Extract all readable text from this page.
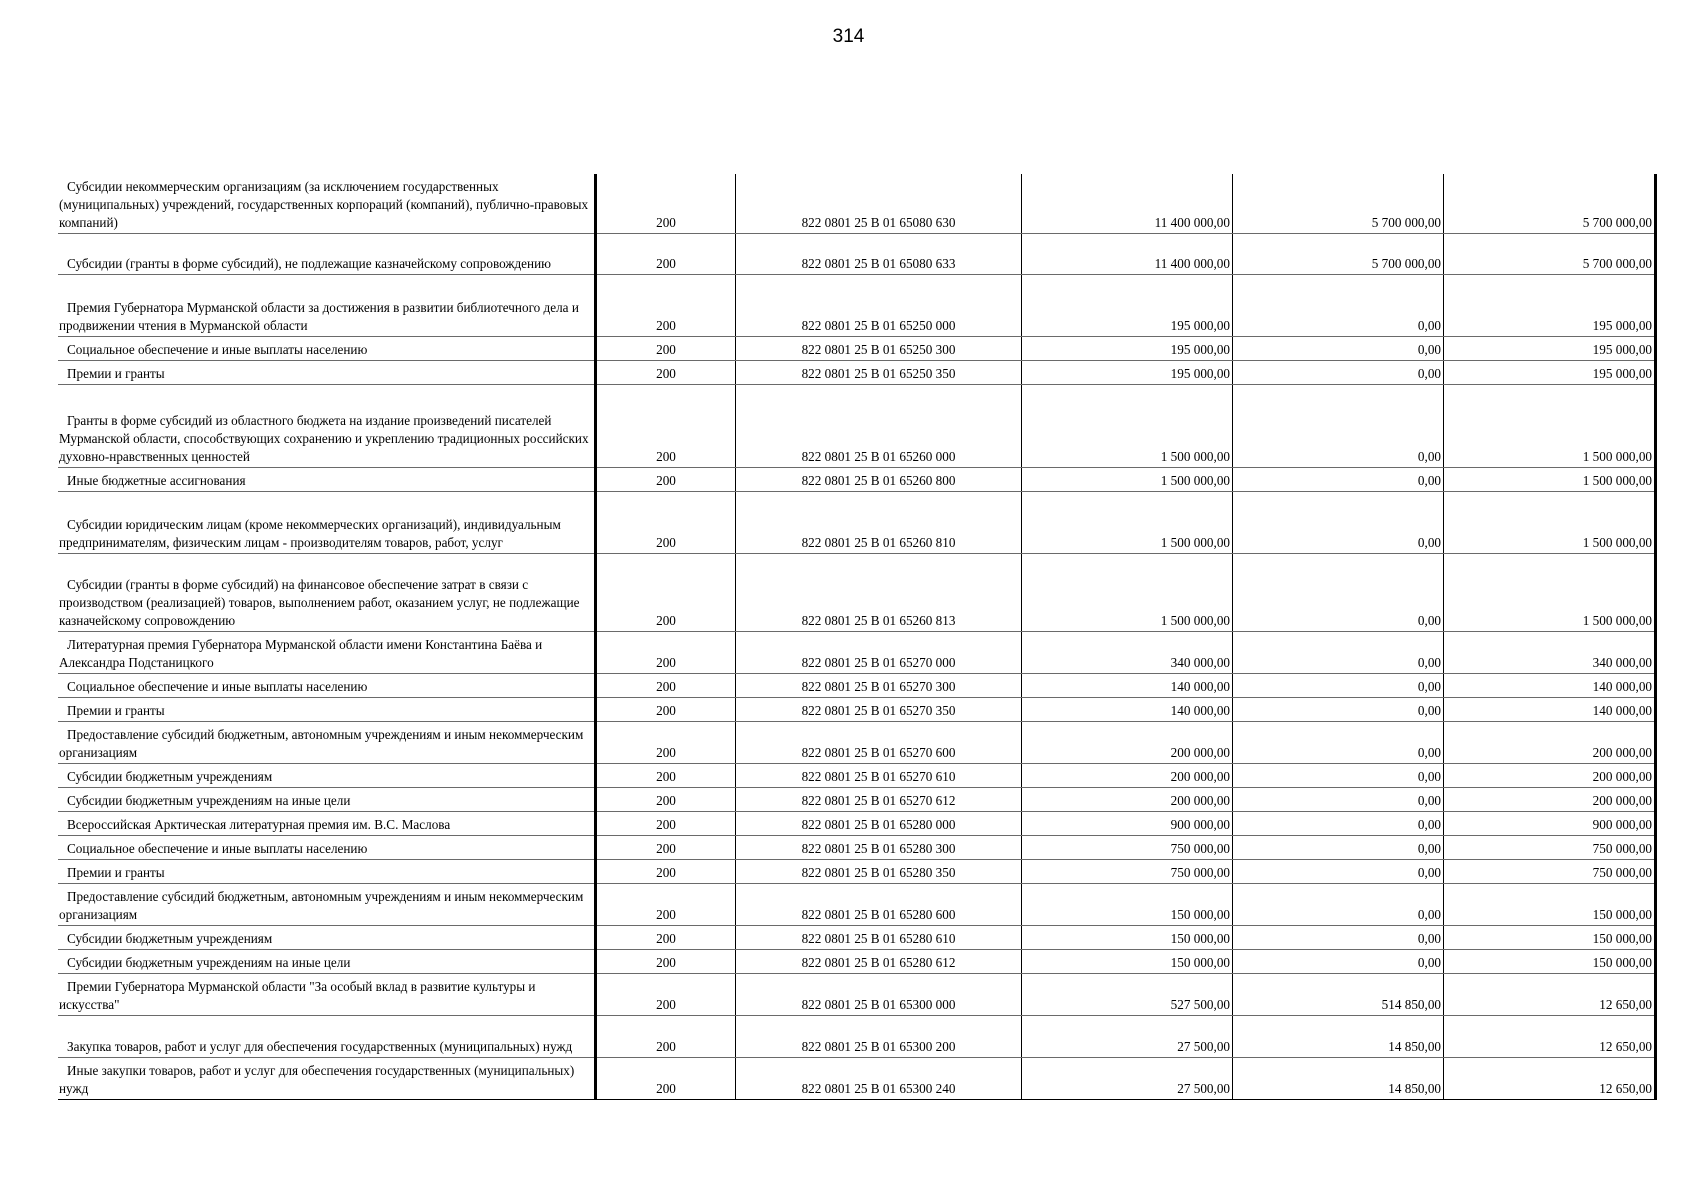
314
Субсидии некоммерческим организациям (за исключением государственных (муниципальных) учреждений, государственных корпораций (компаний), публично-правовых компаний)	200	822 0801 25 В 01 65080 630	11 400 000,00	5 700 000,00	5 700 000,00

Субсидии (гранты в форме субсидий), не подлежащие казначейскому сопровождению	200	822 0801 25 В 01 65080 633	11 400 000,00	5 700 000,00	5 700 000,00

Премия Губернатора Мурманской области за достижения в развитии библиотечного дела и продвижении чтения в Мурманской области	200	822 0801 25 В 01 65250 000	195 000,00	0,00	195 000,00

Социальное обеспечение и иные выплаты населению	200	822 0801 25 В 01 65250 300	195 000,00	0,00	195 000,00

Премии и гранты	200	822 0801 25 В 01 65250 350	195 000,00	0,00	195 000,00

Гранты в форме субсидий из областного бюджета на издание произведений писателей Мурманской области, способствующих сохранению и укреплению традиционных российских духовно-нравственных ценностей	200	822 0801 25 В 01 65260 000	1 500 000,00	0,00	1 500 000,00

Иные бюджетные ассигнования	200	822 0801 25 В 01 65260 800	1 500 000,00	0,00	1 500 000,00

Субсидии юридическим лицам (кроме некоммерческих организаций), индивидуальным предпринимателям, физическим лицам - производителям товаров, работ, услуг	200	822 0801 25 В 01 65260 810	1 500 000,00	0,00	1 500 000,00

Субсидии (гранты в форме субсидий) на финансовое обеспечение затрат в связи с производством (реализацией) товаров, выполнением работ, оказанием услуг, не подлежащие казначейскому сопровождению	200	822 0801 25 В 01 65260 813	1 500 000,00	0,00	1 500 000,00

Литературная премия Губернатора Мурманской области имени Константина Баёва и Александра Подстаницкого	200	822 0801 25 В 01 65270 000	340 000,00	0,00	340 000,00

Социальное обеспечение и иные выплаты населению	200	822 0801 25 В 01 65270 300	140 000,00	0,00	140 000,00

Премии и гранты	200	822 0801 25 В 01 65270 350	140 000,00	0,00	140 000,00

Предоставление субсидий бюджетным, автономным учреждениям и иным некоммерческим организациям	200	822 0801 25 В 01 65270 600	200 000,00	0,00	200 000,00

Субсидии бюджетным учреждениям	200	822 0801 25 В 01 65270 610	200 000,00	0,00	200 000,00

Субсидии бюджетным учреждениям на иные цели	200	822 0801 25 В 01 65270 612	200 000,00	0,00	200 000,00

Всероссийская Арктическая литературная премия им. В.С. Маслова	200	822 0801 25 В 01 65280 000	900 000,00	0,00	900 000,00

Социальное обеспечение и иные выплаты населению	200	822 0801 25 В 01 65280 300	750 000,00	0,00	750 000,00

Премии и гранты	200	822 0801 25 В 01 65280 350	750 000,00	0,00	750 000,00

Предоставление субсидий бюджетным, автономным учреждениям и иным некоммерческим организациям	200	822 0801 25 В 01 65280 600	150 000,00	0,00	150 000,00

Субсидии бюджетным учреждениям	200	822 0801 25 В 01 65280 610	150 000,00	0,00	150 000,00

Субсидии бюджетным учреждениям на иные цели	200	822 0801 25 В 01 65280 612	150 000,00	0,00	150 000,00

Премии Губернатора Мурманской области "За особый вклад в развитие культуры и искусства"	200	822 0801 25 В 01 65300 000	527 500,00	514 850,00	12 650,00

Закупка товаров, работ и услуг для обеспечения государственных (муниципальных) нужд	200	822 0801 25 В 01 65300 200	27 500,00	14 850,00	12 650,00

Иные закупки товаров, работ и услуг для обеспечения государственных (муниципальных) нужд	200	822 0801 25 В 01 65300 240	27 500,00	14 850,00	12 650,00
